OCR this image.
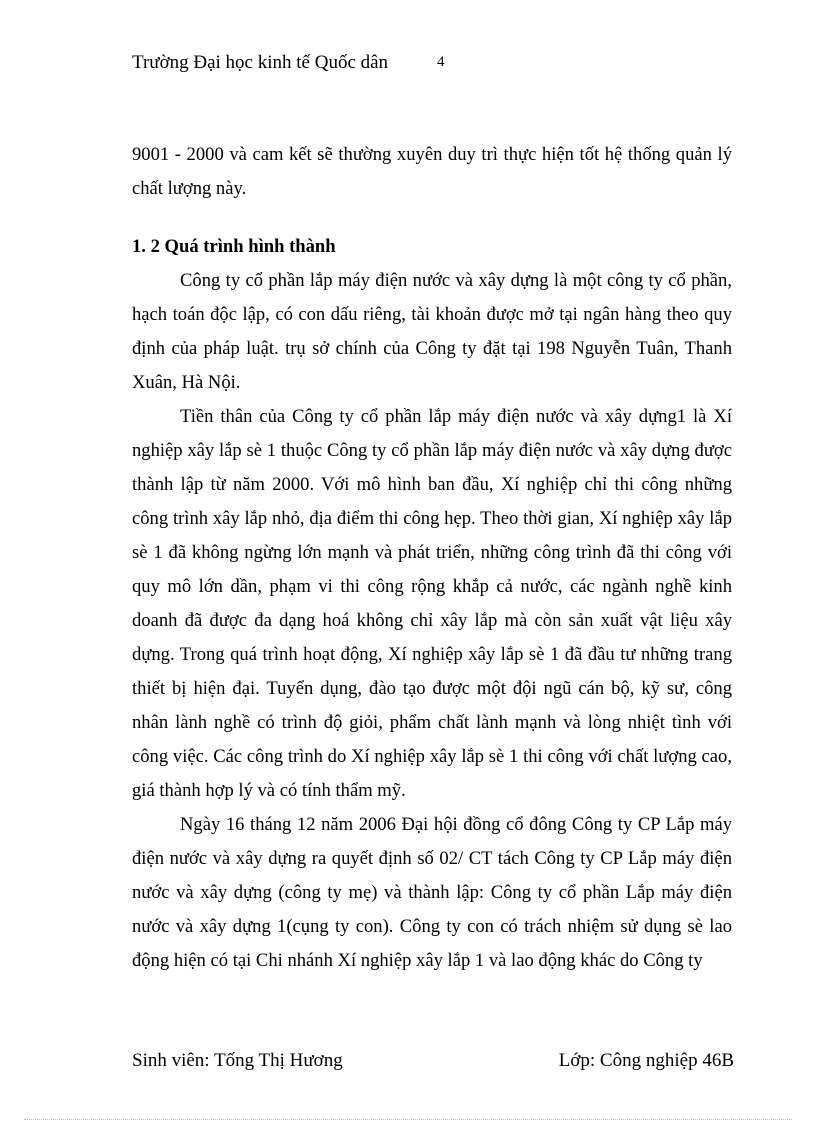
Trường Đại học kinh tế Quốc dân	4

9001 - 2000 và cam kết sẽ thường xuyên duy trì thực hiện tốt hệ thống quản lý chất lượng này.

1. 2 Quá trình hình thành

Công ty cổ phần lắp máy điện nước và xây dựng là một công ty cổ phần, hạch toán độc lập, có con dấu riêng, tài khoản được mở tại ngân hàng theo quy định của pháp luật. trụ sở chính của Công ty đặt tại 198 Nguyễn Tuân, Thanh Xuân, Hà Nội.

Tiền thân của Công ty cổ phần lắp máy điện nước và xây dựng1 là Xí nghiệp xây lắp sè 1 thuộc Công ty cổ phần lắp máy điện nước và xây dựng được thành lập từ năm 2000. Với mô hình ban đầu, Xí nghiệp chỉ thi công những công trình xây lắp nhỏ, địa điểm thi công hẹp. Theo thời gian, Xí nghiệp xây lắp sè 1 đã không ngừng lớn mạnh và phát triển, những công trình đã thi công với quy mô lớn dần, phạm vi thi công rộng khắp cả nước, các ngành nghề kinh doanh đã được đa dạng hoá không chỉ xây lắp mà còn sản xuất vật liệu xây dựng. Trong quá trình hoạt động, Xí nghiệp xây lắp sè 1 đã đầu tư những trang thiết bị hiện đại. Tuyển dụng, đào tạo được một đội ngũ cán bộ, kỹ sư, công nhân lành nghề có trình độ giỏi, phẩm chất lành mạnh và lòng nhiệt tình với công việc. Các công trình do Xí nghiệp xây lắp sè 1 thi công với chất lượng cao, giá thành hợp lý và có tính thẩm mỹ.

Ngày 16 tháng 12 năm 2006 Đại hội đồng cổ đông Công ty CP Lắp máy điện nước và xây dựng ra quyết định số 02/ CT tách Công ty CP Lắp máy điện nước và xây dựng (công ty mẹ) và thành lập: Công ty cổ phần Lắp máy điện nước và xây dựng 1(cụng ty con). Công ty con có trách nhiệm sử dụng sè lao động hiện có tại Chi nhánh Xí nghiệp xây lắp 1 và lao động khác do Công ty

Sinh viên: Tống Thị Hương	Lớp: Công nghiệp 46B
